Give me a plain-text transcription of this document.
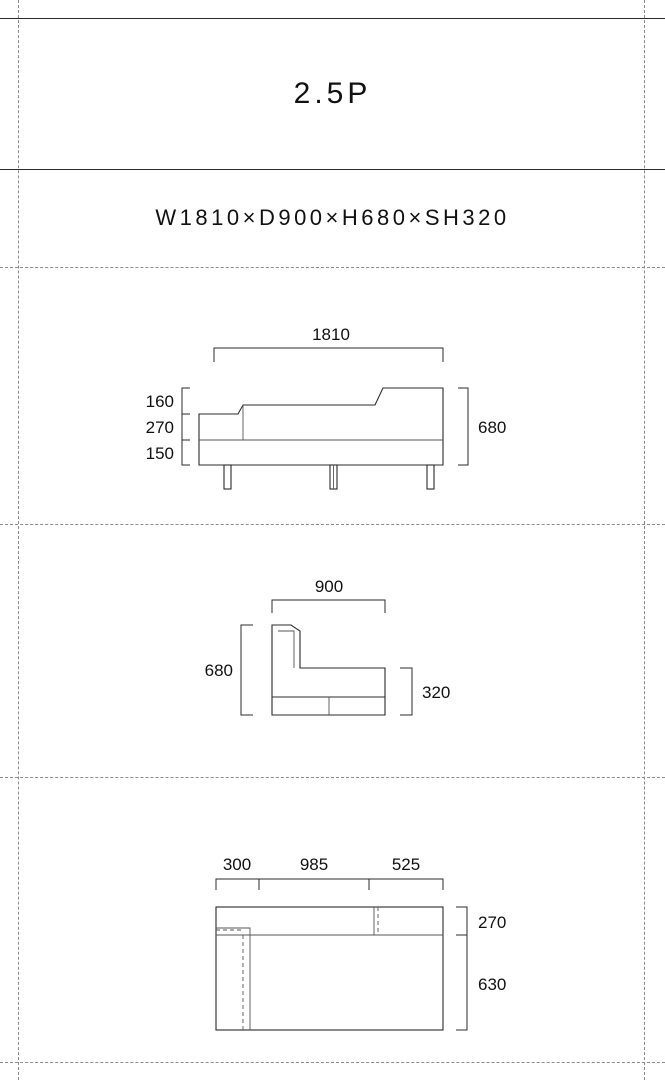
2.5P
W1810×D900×H680×SH320
1810
160
270
150
680
900
680
320
300	985	525
270
630
